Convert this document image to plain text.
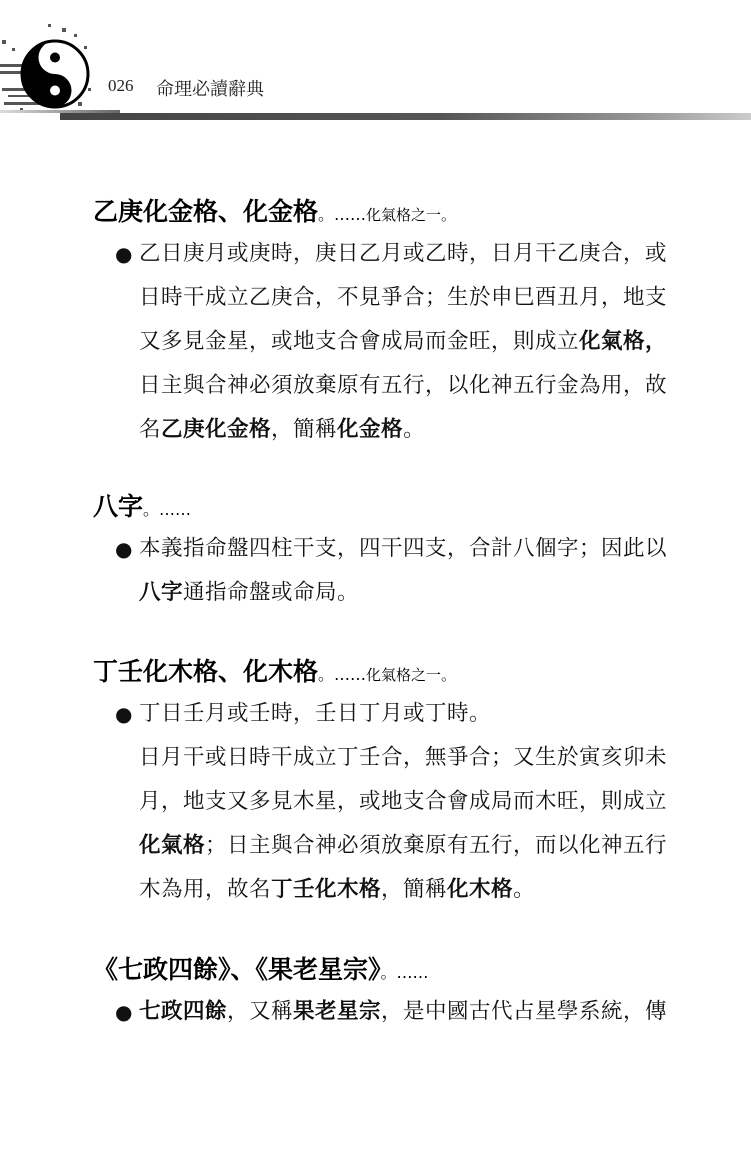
026 命理必讀辭典
乙庚化金格、化金格。……化氣格之一。
● 乙日庚月或庚時，庚日乙月或乙時，日月干乙庚合，或
日時干成立乙庚合，不見爭合；生於申巳酉丑月，地支
又多見金星，或地支合會成局而金旺，則成立化氣格，
日主與合神必須放棄原有五行，以化神五行金為用，故
名乙庚化金格，簡稱化金格。
八字。……
● 本義指命盤四柱干支，四干四支，合計八個字；因此以
八字通指命盤或命局。
丁壬化木格、化木格。……化氣格之一。
● 丁日壬月或壬時，壬日丁月或丁時。
日月干或日時干成立丁壬合，無爭合；又生於寅亥卯未
月，地支又多見木星，或地支合會成局而木旺，則成立
化氣格；日主與合神必須放棄原有五行，而以化神五行
木為用，故名丁壬化木格，簡稱化木格。
《七政四餘》、《果老星宗》。……
● 七政四餘，又稱果老星宗，是中國古代占星學系統，傳
